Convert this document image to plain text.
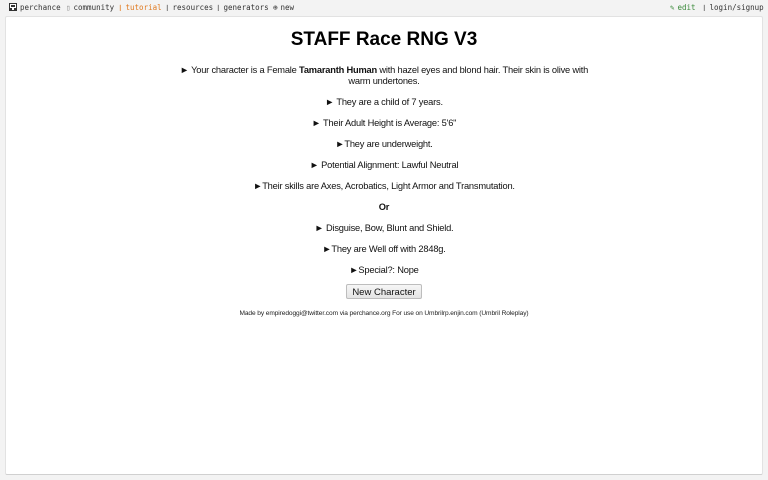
perchance ▯ community ❙ tutorial ❙ resources ❙ generators ⊕ new	✎ edit ❙ login/signup
STAFF Race RNG V3
► Your character is a Female Tamaranth Human with hazel eyes and blond hair. Their skin is olive with warm undertones.
► They are a child of 7 years.
► Their Adult Height is Average: 5'6"
►They are underweight.
► Potential Alignment: Lawful Neutral
►Their skills are Axes, Acrobatics, Light Armor and Transmutation.
Or
► Disguise, Bow, Blunt and Shield.
►They are Well off with 2848g.
►Special?: Nope
New Character
Made by empiredoggi@twitter.com via perchance.org For use on Umbrilrp.enjin.com (Umbril Roleplay)
